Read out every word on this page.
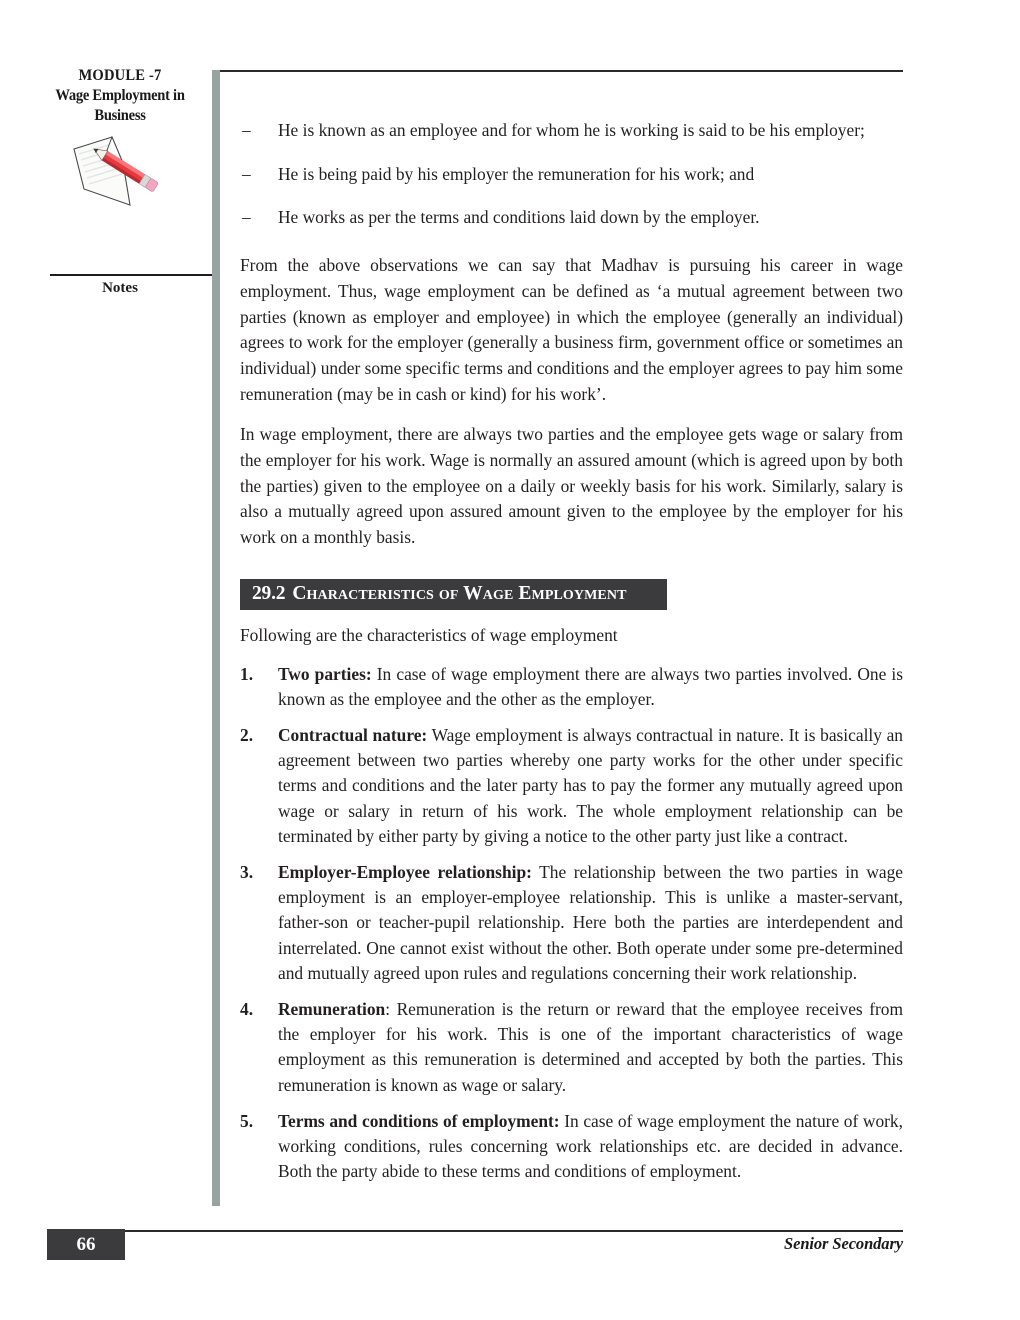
MODULE -7
Wage Employment in
Business
Notes
– He is known as an employee and for whom he is working is said to be his employer;
– He is being paid by his employer the remuneration for his work; and
– He works as per the terms and conditions laid down by the employer.

From the above observations we can say that Madhav is pursuing his career in wage employment. Thus, wage employment can be defined as ‘a mutual agreement between two parties (known as employer and employee) in which the employee (generally an individual) agrees to work for the employer (generally a business firm, government office or sometimes an individual) under some specific terms and conditions and the employer agrees to pay him some remuneration (may be in cash or kind) for his work’.

In wage employment, there are always two parties and the employee gets wage or salary from the employer for his work. Wage is normally an assured amount (which is agreed upon by both the parties) given to the employee on a daily or weekly basis for his work. Similarly, salary is also a mutually agreed upon assured amount given to the employee by the employer for his work on a monthly basis.

29.2 Characteristics of Wage Employment

Following are the characteristics of wage employment

1. Two parties: In case of wage employment there are always two parties involved. One is known as the employee and the other as the employer.
2. Contractual nature: Wage employment is always contractual in nature. It is basically an agreement between two parties whereby one party works for the other under specific terms and conditions and the later party has to pay the former any mutually agreed upon wage or salary in return of his work. The whole employment relationship can be terminated by either party by giving a notice to the other party just like a contract.
3. Employer-Employee relationship: The relationship between the two parties in wage employment is an employer-employee relationship. This is unlike a master-servant, father-son or teacher-pupil relationship. Here both the parties are interdependent and interrelated. One cannot exist without the other. Both operate under some pre-determined and mutually agreed upon rules and regulations concerning their work relationship.
4. Remuneration: Remuneration is the return or reward that the employee receives from the employer for his work. This is one of the important characteristics of wage employment as this remuneration is determined and accepted by both the parties. This remuneration is known as wage or salary.
5. Terms and conditions of employment: In case of wage employment the nature of work, working conditions, rules concerning work relationships etc. are decided in advance. Both the party abide to these terms and conditions of employment.
66	Senior Secondary
